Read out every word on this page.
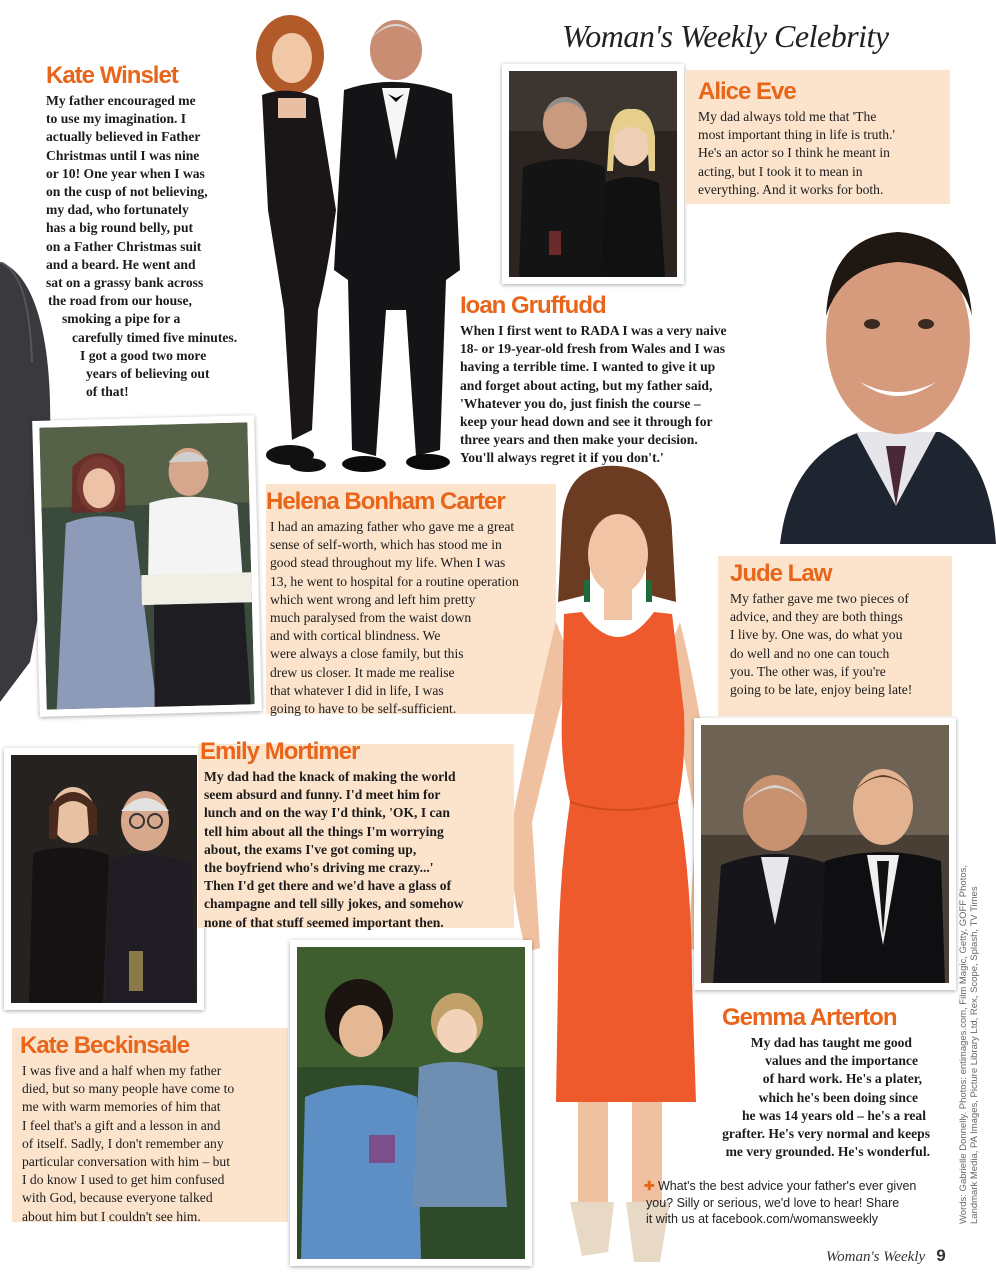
Woman's Weekly Celebrity
Kate Winslet
My father encouraged me
to use my imagination. I
actually believed in Father
Christmas until I was nine
or 10! One year when I was
on the cusp of not believing,
my dad, who fortunately
has a big round belly, put
on a Father Christmas suit
and a beard. He went and
sat on a grassy bank across
the road from our house,
smoking a pipe for a
carefully timed five minutes.
I got a good two more
years of believing out
of that!
Alice Eve
My dad always told me that 'The
most important thing in life is truth.'
He's an actor so I think he meant in
acting, but I took it to mean in
everything. And it works for both.
Ioan Gruffudd
When I first went to RADA I was a very naive
18- or 19-year-old fresh from Wales and I was
having a terrible time. I wanted to give it up
and forget about acting, but my father said,
'Whatever you do, just finish the course –
keep your head down and see it through for
three years and then make your decision.
You'll always regret it if you don't.'
Helena Bonham Carter
I had an amazing father who gave me a great
sense of self-worth, which has stood me in
good stead throughout my life. When I was
13, he went to hospital for a routine operation
which went wrong and left him pretty
much paralysed from the waist down
and with cortical blindness. We
were always a close family, but this
drew us closer. It made me realise
that whatever I did in life, I was
going to have to be self-sufficient.
Jude Law
My father gave me two pieces of
advice, and they are both things
I live by. One was, do what you
do well and no one can touch
you. The other was, if you're
going to be late, enjoy being late!
Emily Mortimer
My dad had the knack of making the world
seem absurd and funny. I'd meet him for
lunch and on the way I'd think, 'OK, I can
tell him about all the things I'm worrying
about, the exams I've got coming up,
the boyfriend who's driving me crazy...'
Then I'd get there and we'd have a glass of
champagne and tell silly jokes, and somehow
none of that stuff seemed important then.
Kate Beckinsale
I was five and a half when my father
died, but so many people have come to
me with warm memories of him that
I feel that's a gift and a lesson in and
of itself. Sadly, I don't remember any
particular conversation with him – but
I do know I used to get him confused
with God, because everyone talked
about him but I couldn't see him.
Gemma Arterton
My dad has taught me good
values and the importance
of hard work. He's a plater,
which he's been doing since
he was 14 years old – he's a real
grafter. He's very normal and keeps
me very grounded. He's wonderful.
✚ What's the best advice your father's ever given
you? Silly or serious, we'd love to hear! Share
it with us at facebook.com/womansweekly	Words: Gabrielle Donnelly. Photos: entimages.com, Film Magic, Getty, GOFF Photos, Landmark Media, PA Images, Picture Library Ltd, Rex, Scope, Splash, TV Times
Woman's Weekly 9
